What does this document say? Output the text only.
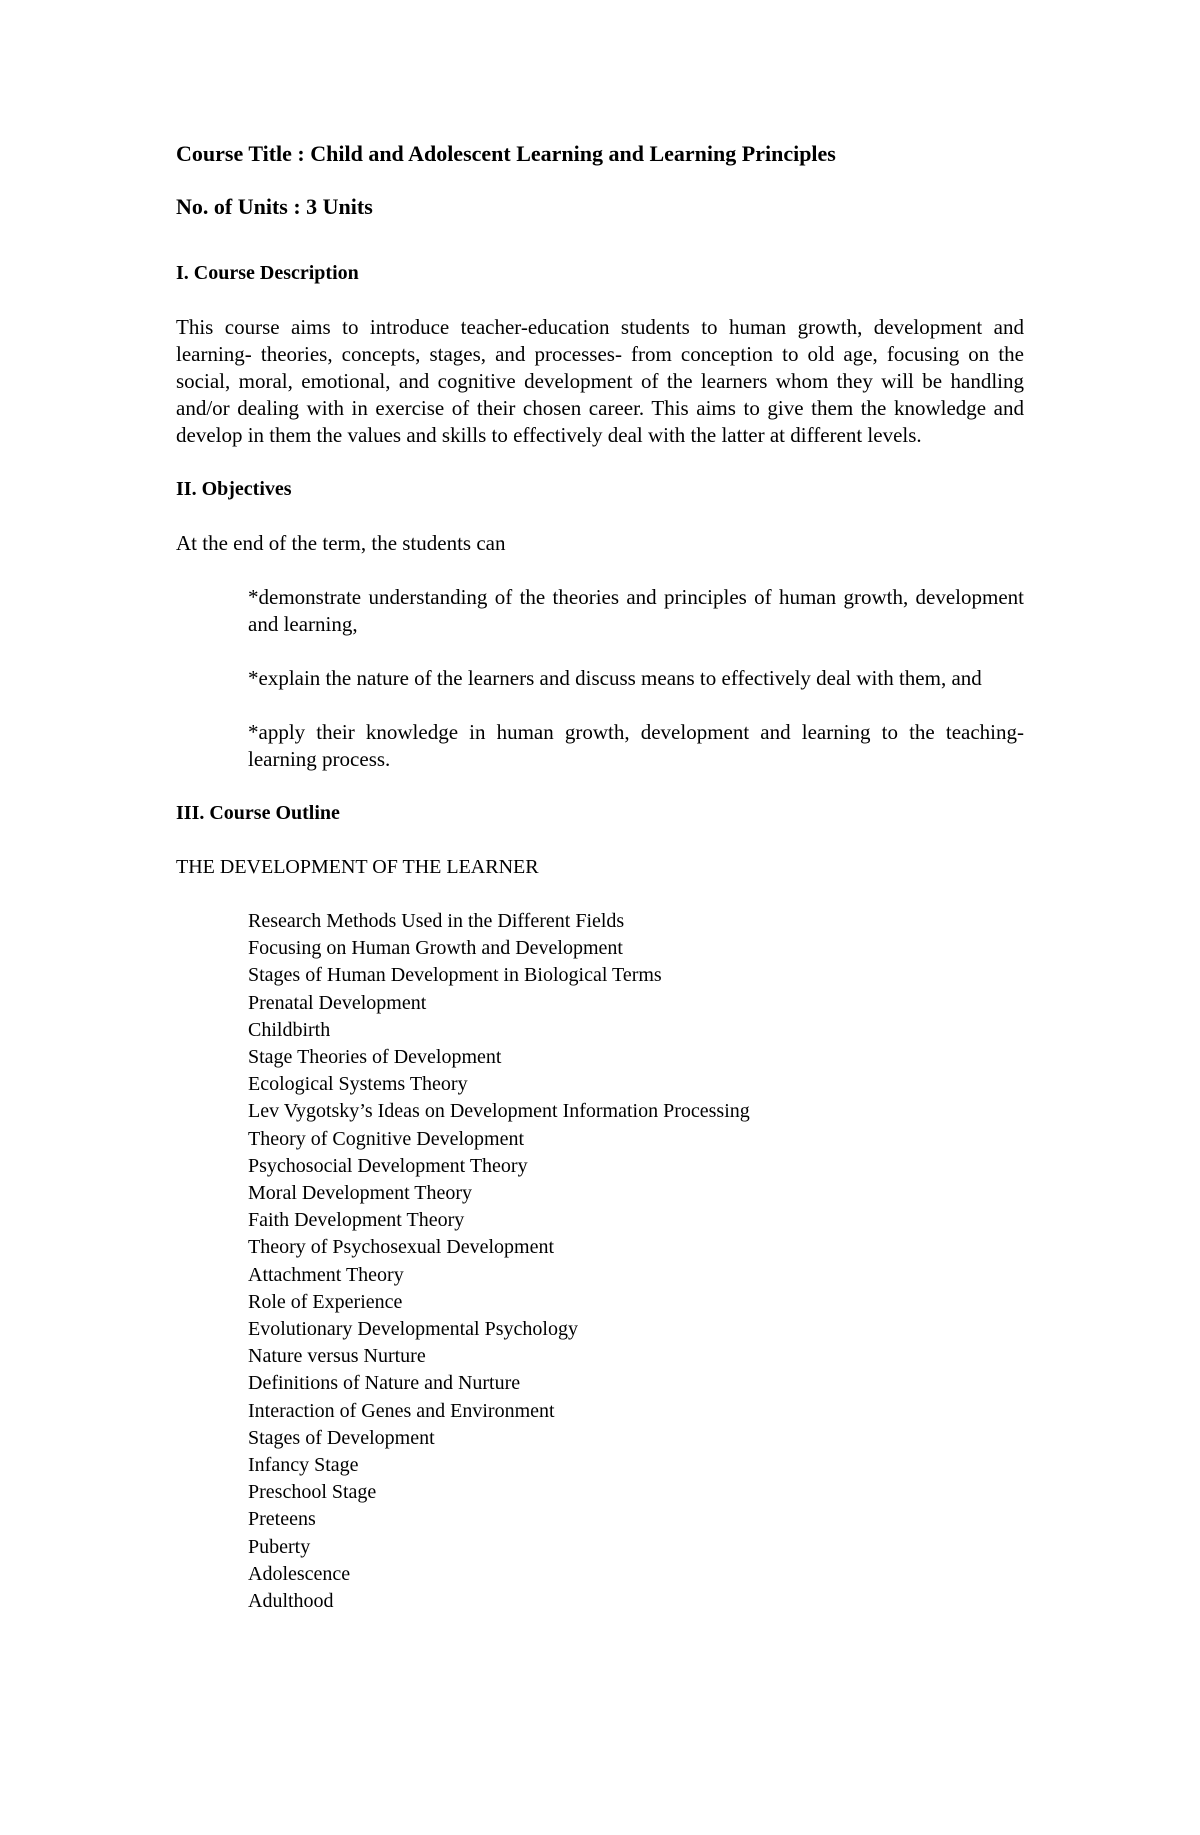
Course Title : Child and Adolescent Learning and Learning Principles
No. of Units : 3 Units
I. Course Description
This course aims to introduce teacher-education students to human growth, development and learning- theories, concepts, stages, and processes- from conception to old age, focusing on the social, moral, emotional, and cognitive development of the learners whom they will be handling and/or dealing with in exercise of their chosen career. This aims to give them the knowledge and develop in them the values and skills to effectively deal with the latter at different levels.
II. Objectives
At the end of the term, the students can
*demonstrate understanding of the theories and principles of human growth, development and learning,
*explain the nature of the learners and discuss means to effectively deal with them, and
*apply their knowledge in human growth, development and learning to the teaching-learning process.
III. Course Outline
THE DEVELOPMENT OF THE LEARNER
Research Methods Used in the Different Fields
Focusing on Human Growth and Development
Stages of Human Development in Biological Terms
Prenatal Development
Childbirth
Stage Theories of Development
Ecological Systems Theory
Lev Vygotsky’s Ideas on Development Information Processing
Theory of Cognitive Development
Psychosocial Development Theory
Moral Development Theory
Faith Development Theory
Theory of Psychosexual Development
Attachment Theory
Role of Experience
Evolutionary Developmental Psychology
Nature versus Nurture
Definitions of Nature and Nurture
Interaction of Genes and Environment
Stages of Development
Infancy Stage
Preschool Stage
Preteens
Puberty
Adolescence
Adulthood
